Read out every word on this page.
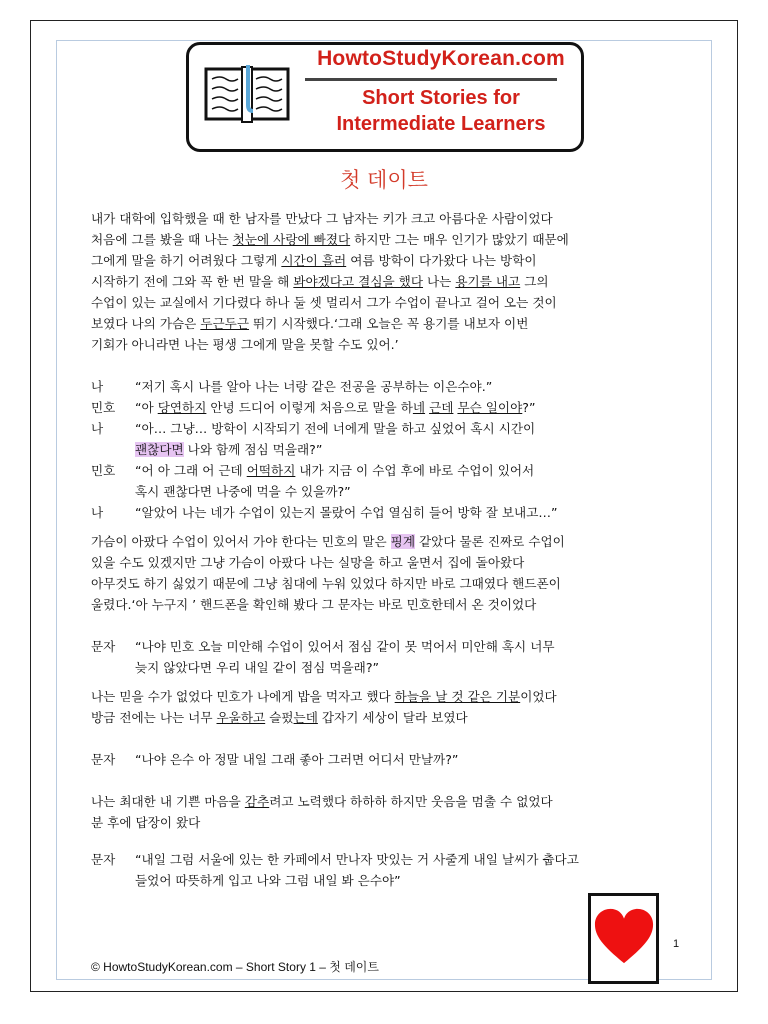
HowtoStudyKorean.com
Short Stories for
Intermediate Learners
첫 데이트
내가 대학에 입학했을 때 한 남자를 만났다 그 남자는 키가 크고 아름다운 사람이었다
처음에 그를 봤을 때 나는 첫눈에 사랑에 빠졌다 하지만 그는 매우 인기가 많았기 때문에
그에게 말을 하기 어려웠다 그렇게 시간이 흘러 여름 방학이 다가왔다 나는 방학이
시작하기 전에 그와 꼭 한 번 말을 해 봐야겠다고 결심을 했다 나는 용기를 내고 그의
수업이 있는 교실에서 기다렸다 하나 둘 셋 멀리서 그가 수업이 끝나고 걸어 오는 것이
보였다 나의 가슴은 두근두근 뛰기 시작했다.‘그래 오늘은 꼭 용기를 내보자 이번
기회가 아니라면 나는 평생 그에게 말을 못할 수도 있어.’
나	“저기 혹시 나를 알아 나는 너랑 같은 전공을 공부하는 이은수야.”
민호	“아 당연하지 안녕 드디어 이렇게 처음으로 말을 하네 근데 무슨 일이야?”
나	“아… 그냥… 방학이 시작되기 전에 너에게 말을 하고 싶었어 혹시 시간이
괜찮다면 나와 함께 점심 먹을래?”
민호	“어 아 그래 어 근데 어떡하지 내가 지금 이 수업 후에 바로 수업이 있어서
혹시 괜찮다면 나중에 먹을 수 있을까?”
나	“알았어 나는 네가 수업이 있는지 몰랐어 수업 열심히 들어 방학 잘 보내고…”
가슴이 아팠다 수업이 있어서 가야 한다는 민호의 말은 핑계 같았다 물론 진짜로 수업이
있을 수도 있겠지만 그냥 가슴이 아팠다 나는 실망을 하고 울면서 집에 돌아왔다
아무것도 하기 싫었기 때문에 그냥 침대에 누워 있었다 하지만 바로 그때였다 핸드폰이
울렸다.‘아 누구지 ’ 핸드폰을 확인해 봤다 그 문자는 바로 민호한테서 온 것이었다
문자	“나야 민호 오늘 미안해 수업이 있어서 점심 같이 못 먹어서 미안해 혹시 너무
늦지 않았다면 우리 내일 같이 점심 먹을래?”
나는 믿을 수가 없었다 민호가 나에게 밥을 먹자고 했다 하늘을 날 것 같은 기분이었다
방금 전에는 나는 너무 우울하고 슬펐는데 갑자기 세상이 달라 보였다
문자	“나야 은수 아 정말 내일 그래 좋아 그러면 어디서 만날까?”
나는 최대한 내 기쁜 마음을 감추려고 노력했다 하하하 하지만 웃음을 멈출 수 없었다
분 후에 답장이 왔다
문자	“내일 그럼 서울에 있는 한 카페에서 만나자 맛있는 거 사줄게 내일 날씨가 춥다고
들었어 따뜻하게 입고 나와 그럼 내일 봐 은수야”
1
© HowtoStudyKorean.com – Short Story 1 – 첫 데이트
